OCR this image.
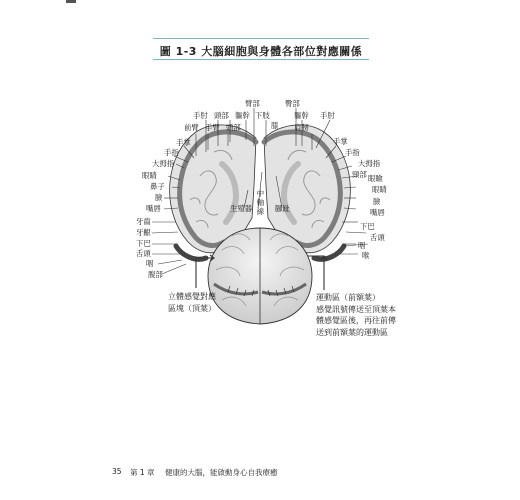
圖 1-3 大腦細胞與身體各部位對應關係
臂部
手肘 頭部 軀幹 下肢
前臂 手臂 頭部
手掌
手指
大拇指
眼睛
鼻子
臉
嘴唇
牙齒
牙齦
下巴
舌頭
咽
腹部
臀部
膝
軀幹 手肘
肩膀
手掌
手指
大拇指
頸部 眼瞼
眼睛
臉
嘴唇
下巴
舌頭
咽
喉
生殖器
中
軸
線 腳趾
立體感覺對應
區塊（頂葉）
運動區（前額葉）
感覺訊號傳送至頂葉本
體感覺區後，再往前傳
送到前額葉的運動區
35 第 1 章 健康的大腦，能啟動身心自我療癒
